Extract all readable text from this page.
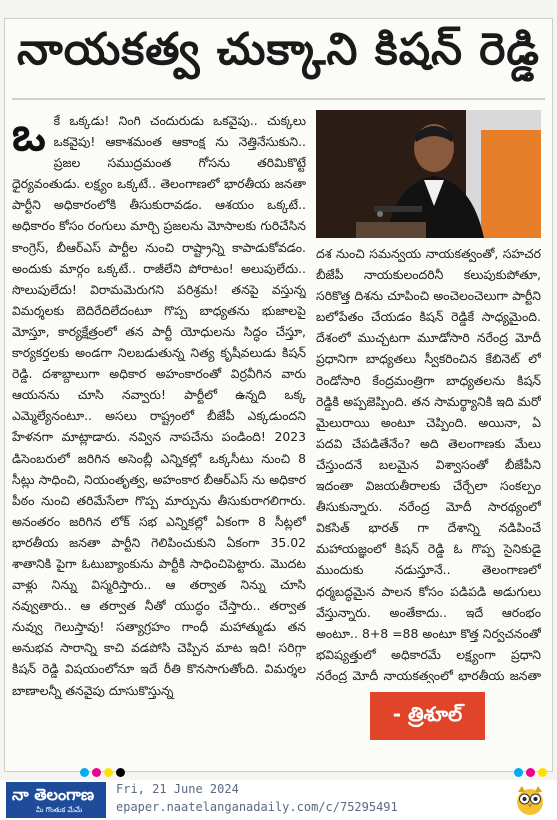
నాయకత్వ చుక్కాని కిషన్ రెడ్డి
ఒ కే ఒక్కడు! నింగి చందురుడు ఒకవైపు.. చుక్కలు ఒకవైపు! ఆకాశమంత ఆకాంక్ష ను నెత్తినేసుకుని.. ప్రజల సముద్రమంత గోసను తరిమికొట్టే ధైర్యవంతుడు. లక్ష్యం ఒక్కటే.. తెలంగాణలో భారతీయ జనతా పార్టీని అధికారంలోకి తీసుకురావడం. ఆశయం ఒక్కటే.. అధికారం కోసం రంగులు మార్చి ప్రజలను మోసాలకు గురిచేసిన కాంగ్రెస్, బీఆర్ఎస్ పార్టీల నుంచి రాష్ట్రాన్ని కాపాడుకోవడం. అందుకు మార్గం ఒక్కటే.. రాజీలేని పోరాటం! అలుపులేదు.. సొలుపులేదు! విరామమెరుగని పరిశ్రమ! తనపై వస్తున్న విమర్శలకు బెదిరేదిలేదంటూ గొప్ప బాధ్యతను భుజాలపై మోస్తూ, కార్యక్షేత్రంలో తన పార్టీ యోధులను సిద్ధం చేస్తూ, కార్యకర్తలకు అండగా నిలబడుతున్న నిత్య కృషీవలుడు కిషన్ రెడ్డి. దశాబ్దాలుగా అధికార అహంకారంతో విర్రవీగిన వారు ఆయనను చూసి నవ్వారు! పార్టీలో ఉన్నది ఒక్క ఎమ్మెల్యేనంటూ.. అసలు రాష్ట్రంలో బీజేపీ ఎక్కడుందని హేళనగా మాట్లాడారు. నవ్విన నాపచేను పండింది! 2023 డిసెంబరులో జరిగిన అసెంబ్లీ ఎన్నికల్లో ఒక్కసీటు నుంచి 8 సీట్లు సాధించి, నియంతృత్వ, అహంకార బీఆర్ఎస్ ను అధికార పీఠం నుంచి తరిమేసేలా గొప్ప మార్పును తీసుకురాగలిగారు. అనంతరం జరిగిన లోక్ సభ ఎన్నికల్లో ఏకంగా 8 సీట్లలో భారతీయ జనతా పార్టీని గెలిపించుకుని ఏకంగా 35.02 శాతానికి పైగా ఓటుబ్యాంకును పార్టీకి సాధించిపెట్టారు. మొదట వాళ్లు నిన్ను విస్మరిస్తారు.. ఆ తర్వాత నిన్ను చూసి నవ్వుతారు.. ఆ తర్వాత నీతో యుద్ధం చేస్తారు.. తర్వాత నువ్వు గెలుస్తావు! సత్యాగ్రహం గాంధీ మహాత్ముడు తన అనుభవ సారాన్ని కాచి వడపోసి చెప్పిన మాట ఇది! సరిగ్గా కిషన్ రెడ్డి విషయంలోనూ ఇదే రీతి కొనసాగుతోంది. విమర్శల బాణాలన్నీ తనవైపు దూసుకొస్తున్న
దశ నుంచి సమన్వయ నాయకత్వంతో, సహచర బీజేపీ నాయకులందరినీ కలుపుకుపోతూ, సరికొత్త దిశను చూపించి అంచెలంచెలుగా పార్టీని బలోపేతం చేయడం కిషన్ రెడ్డికే సాధ్యమైంది. దేశంలో ముచ్చటగా మూడోసారి నరేంద్ర మోదీ ప్రధానిగా బాధ్యతలు స్వీకరించిన కేబినెట్ లో రెండోసారి కేంద్రమంత్రిగా బాధ్యతలను కిషన్ రెడ్డికి అప్పజెప్పింది. తన సామర్థ్యానికి ఇది మరో మైలురాయి అంటూ చెప్పింది. అయినా, ఏ పదవి చేపడితేనేం? అది తెలంగాణకు మేలు చేస్తుందనే బలమైన విశ్వాసంతో బీజేపీని ఇదంతా విజయతీరాలకు చేర్చేలా సంకల్పం తీసుకున్నారు. నరేంద్ర మోదీ సారథ్యంలో వికసిత్ భారత్ గా దేశాన్ని నడిపించే మహాయజ్ఞంలో కిషన్ రెడ్డి ఓ గొప్ప సైనికుడై ముందుకు నడుస్తూనే.. తెలంగాణలో ధర్మబద్ధమైన పాలన కోసం పడిపడి అడుగులు వేస్తున్నారు. అంతేకాదు.. ఇదే ఆరంభం అంటూ.. 8+8 =88 అంటూ కొత్త నిర్వచనంతో భవిష్యత్తులో అధికారమే లక్ష్యంగా ప్రధాని నరేంద్ర మోదీ నాయకత్వంలో భారతీయ జనతా
- త్రిశూల్
నా తెలంగాణ
మీ గొంతుక మేమే
Fri, 21 June 2024
epaper.naatelanganadaily.com/c/75295491
